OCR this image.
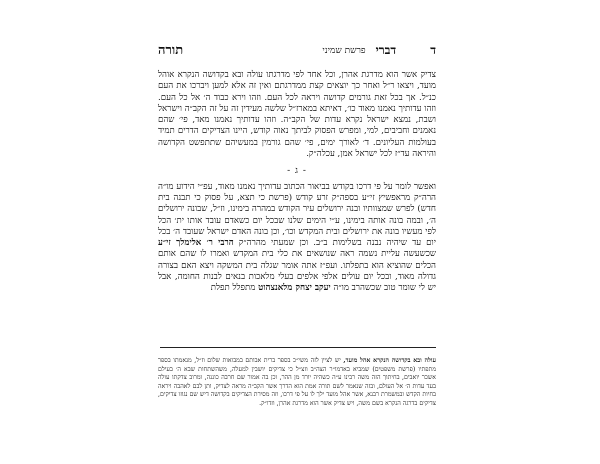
ד
דברי
פרשת שמיני
תורה

צדיק אשר הוא מדרגת אהרן, וכל אחד לפי מדרגתו עולה ובא בקדושה הנקרא אוהל מועד, ויצאו ר״ל ואחר כך יוצאים קצת ממדרגתם ואין זה אלא למען ויברכו את העם כנ״ל. אך בכל זאת גורמים קדושה ויראה לכל העם. וזהו וירא כבוד ה׳ אל כל העם. וזהו עדותיך נאמנו מאוד כו׳, דאיתא במארז״ל שלשה מעידין זה על זה הקב״ה וישראל ושבת, נמצא ישראל נקרא עדות של הקב״ה. וזהו עדותיך נאמנו מאד, פי׳ שהם נאמנים וחביבים, למי, ומפרש הפסוק לביתך נאוה קודש, היינו הצדיקים הדרים תמיד בעולמות העליונים. ד׳ לאורך ימים, פי׳ שהם גורמין במעשיהם שתתפשט הקדושה והיראה עד״ז לכל ישראל אמן, עכלה״ק.

- ג -

ואפשר לומר על פי דרכו בקודש בביאור הכתוב עדותיך נאמנו מאוד, עפ״י הידוע מו״ה הרה״ק מראפשיץ זי״ע בספה״ק זרע קודש (פרשת כי תצא, על פסוק כי תבנה בית חדש) לפרש שמצוותיו ובנה ירושלים עיר הקודש במהרה בימינו, וז״ל, שבונה ירושלים ה׳, ובמה בונה אותה בימינו, ע״י הימים שלנו שבכל יום כשאדם עובד אותו ית׳ הכל לפי מעשיו בונה את ירושלים ובית המקדש וכו׳, וכן בונה האדם ישראל שעובד ה׳ בכל יום עד שיהיה נבנה בשלימות ב״ב. וכן שמעתי מהרה״ק הרבי ר׳ אלימלך זי״ע שכשעשה עליית נשמה ראה שנושאים את כלי בית המקדש ואמרו לו שהם אותם הכלים שהוציא הוא בתפלתו. ועפ״ז אתה אומר שגלה בית המשקה ויצא האם בצורה גדולה מאוד, ובכל יום עולים אלפי אלפים בעלי מלאכות בנאים לבנות החומה, אבל יש לי שומר טוב שכשהרב מו״ה יעקב יצחק מלאנצהוט מתפלל תפלת

עולה ובא בקדושה הנקרא אהל מועד, יש לציין לזה משי״כ בספר ברית אבותם במבואות שלום וז״ל, מנאמתו בספר מתפתיו (פרשת משפטים) שמביא באדמו״ר הצה״ב וזצ״ל כי צדיקים יושבין למעלה, משהשתחות שבא ה׳ בעילם אשכר יואבים, בחיתוך הזה משה רבינו ע״ה כשהיה יורד מן ההר, וכן בה אמור שם חרבה כוננה, ומרוב צדקתו עולה בעד עדות ה׳ אל העולם, ובזה שנאמר לשם תורה אמת הוא הדרך אשר הקב״ה מראה לצדיק, ותן לבם לאהבה ויראה בחיות הקדש ובמשמרת רבנא, אשר אהל מועד ילך לו על פי דרכו, וזה מסירת הצדיקים בקדושה דיש שם נגוזו צדיקים, צדיקים בדרגה הנקרא בשם משה, ויש צדיק אשר הוא מדרגת אהרן, וזדו״ק.
